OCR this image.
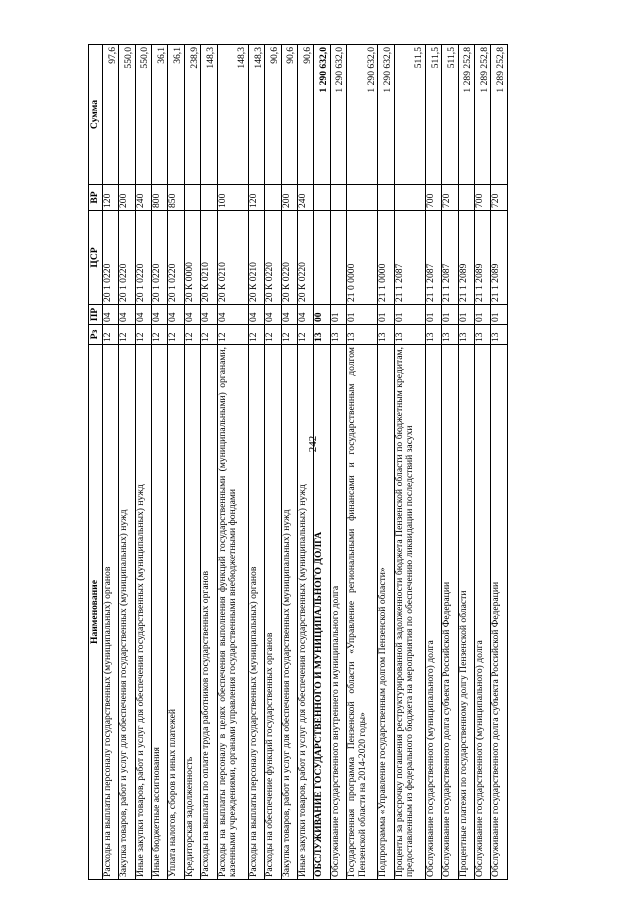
242
Наименование	Рз	ПР	ЦСР	ВР	Сумма
Расходы на выплаты персоналу государственных (муниципальных) органов	12	04	20 1 0220	120	97,6
Закупка товаров, работ и услуг для обеспечения государственных (муниципальных) нужд	12	04	20 1 0220	200	550,0
Иные закупки товаров, работ и услуг для обеспечения государственных (муниципальных) нужд	12	04	20 1 0220	240	550,0
Иные бюджетные ассигнования	12	04	20 1 0220	800	36,1
Уплата налогов, сборов и иных платежей	12	04	20 1 0220	850	36,1
Кредиторская задолженность	12	04	20 К 0000		238,9
Расходы на выплаты по оплате труда работников государственных органов	12	04	20 К 0210		148,3
Расходы на выплаты персоналу в целях обеспечения выполнения функций государственными (муниципальными) органами, казенными учреждениями, органами управления государственными внебюджетными фондами	12	04	20 К 0210	100	148,3
Расходы на выплаты персоналу государственных (муниципальных) органов	12	04	20 К 0210	120	148,3
Расходы на обеспечение функций государственных органов	12	04	20 К 0220		90,6
Закупка товаров, работ и услуг для обеспечения государственных (муниципальных) нужд	12	04	20 К 0220	200	90,6
Иные закупки товаров, работ и услуг для обеспечения государственных (муниципальных) нужд	12	04	20 К 0220	240	90,6
ОБСЛУЖИВАНИЕ ГОСУДАРСТВЕННОГО И МУНИЦИПАЛЬНОГО ДОЛГА	13	00			1 290 632,0
Обслуживание государственного внутреннего и муниципального долга	13	01			1 290 632,0
Государственная программа Пензенской области «Управление региональными финансами и государственным долгом Пензенской области на 2014-2020 годы»	13	01	21 0 0000		1 290 632,0
Подпрограмма «Управление государственным долгом Пензенской области»	13	01	21 1 0000		1 290 632,0
Проценты за рассрочку погашения реструктурированной задолженности бюджета Пензенской области по бюджетным кредитам, предоставленным из федерального бюджета на мероприятия по обеспечению ликвидации последствий засухи	13	01	21 1 2087		511,5
Обслуживание государственного (муниципального) долга	13	01	21 1 2087	700	511,5
Обслуживание государственного долга субъекта Российской Федерации	13	01	21 1 2087	720	511,5
Процентные платежи по государственному долгу Пензенской области	13	01	21 1 2089		1 289 252,8
Обслуживание государственного (муниципального) долга	13	01	21 1 2089	700	1 289 252,8
Обслуживание государственного долга субъекта Российской Федерации	13	01	21 1 2089	720	1 289 252,8
